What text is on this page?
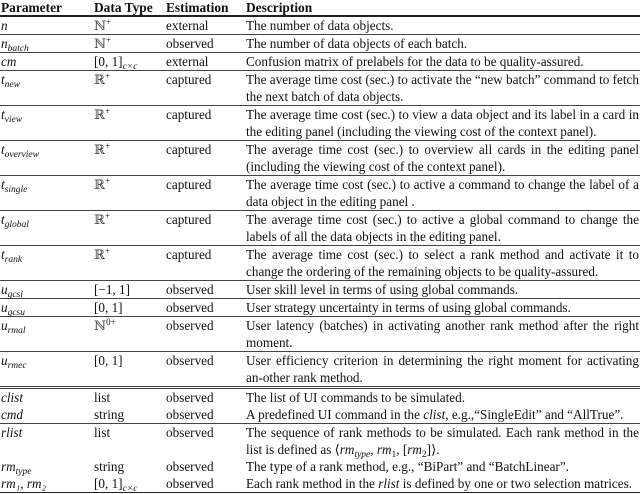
Parameter	Data Type	Estimation	Description
n	ℕ+	external	The number of data objects.
$n_{batch}$	ℕ+	observed	The number of data objects of each batch.
cm	[0, $1]_{c\times c}$	external	Confusion matrix of prelabels for the data to be quality-assured.
$t_{new}$	ℝ+	captured	The average time cost (sec.) to activate the “new batch” command to fetch the next batch of data objects.
$t_{view}$	ℝ+	captured	The average time cost (sec.) to view a data object and its label in a card in the editing panel (including the viewing cost of the context panel).
$t_{overview}$	ℝ+	captured	The average time cost (sec.) to overview all cards in the editing panel (including the viewing cost of the context panel).
$t_{single}$	ℝ+	captured	The average time cost (sec.) to active a command to change the label of a data object in the editing panel .
$t_{global}$	ℝ+	captured	The average time cost (sec.) to active a global command to change the labels of all the data objects in the editing panel.
$t_{rank}$	ℝ+	captured	The average time cost (sec.) to select a rank method and activate it to change the ordering of the remaining objects to be quality-assured.
$u_{gcsl}$	[−1, 1]	observed	User skill level in terms of using global commands.
$u_{gcsu}$	[0, 1]	observed	User strategy uncertainty in terms of using global commands.
$u_{rmal}$	ℕ$^{0+}$	observed	User latency (batches) in activating another rank method after the right moment.
$u_{rmec}$	[0, 1]	observed	User efficiency criterion in determining the right moment for activating an-other rank method.
clist	list	observed	The list of UI commands to be simulated.
cmd	string	observed	A predefined UI command in the clist, e.g.,“SingleEdit” and “AllTrue”.
rlist	list	observed	The sequence of rank methods to be simulated. Each rank method in the list is defined as $⟨rm_{type}$, $rm_1$, $[rm_2]⟩$.
$rm_{type}$	string	observed	The type of a rank method, e.g., “BiPart” and “BatchLinear”.
rm₁, rm₂	[0, $1]_{c\times c}$	observed	Each rank method in the rlist is defined by one or two selection matrices.
